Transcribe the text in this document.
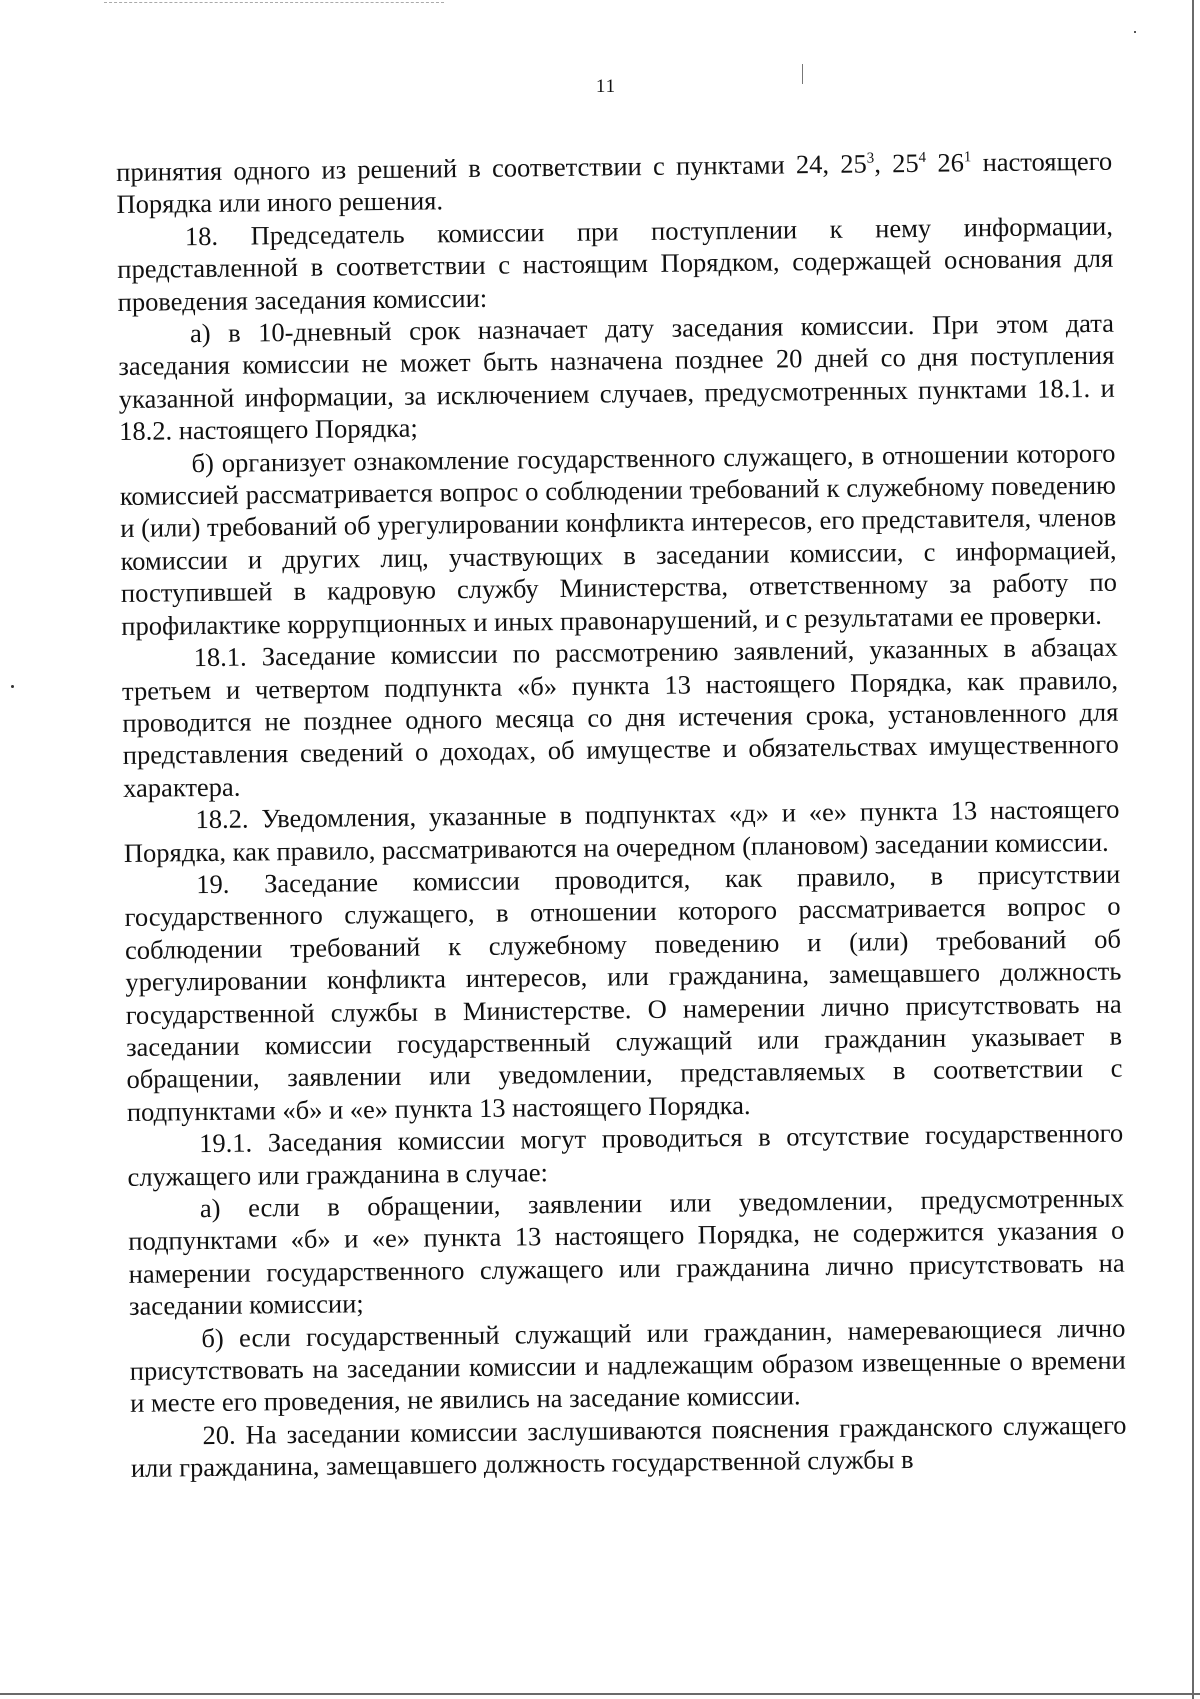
11

принятия одного из решений в соответствии с пунктами 24, $25^3$, $25^4$ $26^1$ настоящего Порядка или иного решения.

18. Председатель комиссии при поступлении к нему информации, представленной в соответствии с настоящим Порядком, содержащей основания для проведения заседания комиссии:

а) в 10-дневный срок назначает дату заседания комиссии. При этом дата заседания комиссии не может быть назначена позднее 20 дней со дня поступления указанной информации, за исключением случаев, предусмотренных пунктами 18.1. и 18.2. настоящего Порядка;

б) организует ознакомление государственного служащего, в отношении которого комиссией рассматривается вопрос о соблюдении требований к служебному поведению и (или) требований об урегулировании конфликта интересов, его представителя, членов комиссии и других лиц, участвующих в заседании комиссии, с информацией, поступившей в кадровую службу Министерства, ответственному за работу по профилактике коррупционных и иных правонарушений, и с результатами ее проверки.

18.1. Заседание комиссии по рассмотрению заявлений, указанных в абзацах третьем и четвертом подпункта «б» пункта 13 настоящего Порядка, как правило, проводится не позднее одного месяца со дня истечения срока, установленного для представления сведений о доходах, об имуществе и обязательствах имущественного характера.

18.2. Уведомления, указанные в подпунктах «д» и «е» пункта 13 настоящего Порядка, как правило, рассматриваются на очередном (плановом) заседании комиссии.

19. Заседание комиссии проводится, как правило, в присутствии государственного служащего, в отношении которого рассматривается вопрос о соблюдении требований к служебному поведению и (или) требований об урегулировании конфликта интересов, или гражданина, замещавшего должность государственной службы в Министерстве. О намерении лично присутствовать на заседании комиссии государственный служащий или гражданин указывает в обращении, заявлении или уведомлении, представляемых в соответствии с подпунктами «б» и «е» пункта 13 настоящего Порядка.

19.1. Заседания комиссии могут проводиться в отсутствие государственного служащего или гражданина в случае:

а) если в обращении, заявлении или уведомлении, предусмотренных подпунктами «б» и «е» пункта 13 настоящего Порядка, не содержится указания о намерении государственного служащего или гражданина лично присутствовать на заседании комиссии;

б) если государственный служащий или гражданин, намеревающиеся лично присутствовать на заседании комиссии и надлежащим образом извещенные о времени и месте его проведения, не явились на заседание комиссии.

20. На заседании комиссии заслушиваются пояснения гражданского служащего или гражданина, замещавшего должность государственной службы в
